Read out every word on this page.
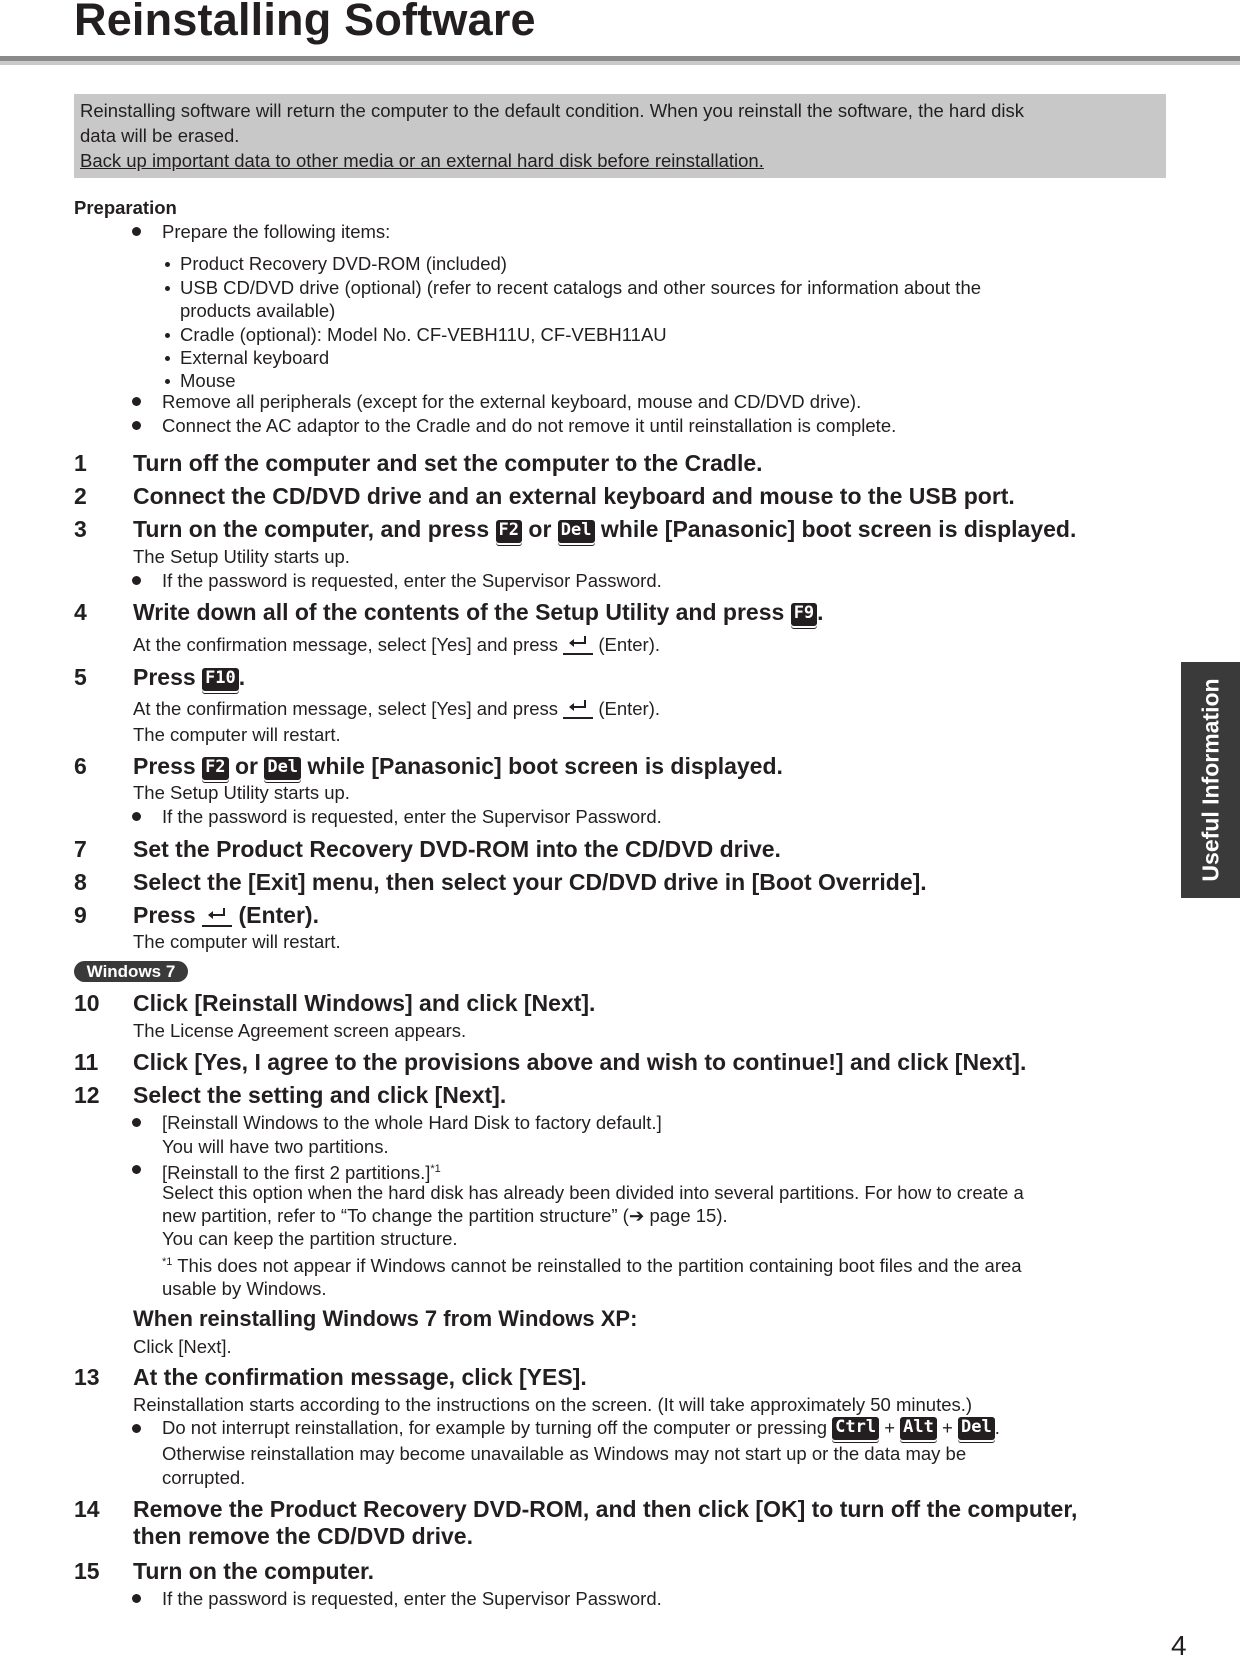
Reinstalling Software
Reinstalling software will return the computer to the default condition. When you reinstall the software, the hard disk
data will be erased.
Back up important data to other media or an external hard disk before reinstallation.
Preparation
Prepare the following items:
Product Recovery DVD-ROM (included)
USB CD/DVD drive (optional) (refer to recent catalogs and other sources for information about the
products available)
Cradle (optional): Model No. CF-VEBH11U, CF-VEBH11AU
External keyboard
Mouse
Remove all peripherals (except for the external keyboard, mouse and CD/DVD drive).
Connect the AC adaptor to the Cradle and do not remove it until reinstallation is complete.
1 Turn off the computer and set the computer to the Cradle.
2 Connect the CD/DVD drive and an external keyboard and mouse to the USB port.
3 Turn on the computer, and press F2 or Del while [Panasonic] boot screen is displayed.
The Setup Utility starts up.
If the password is requested, enter the Supervisor Password.
4 Write down all of the contents of the Setup Utility and press F9 .
At the confirmation message, select [Yes] and press (Enter).
5 Press F10 .
At the confirmation message, select [Yes] and press (Enter).
The computer will restart.
6 Press F2 or Del while [Panasonic] boot screen is displayed.
The Setup Utility starts up.
If the password is requested, enter the Supervisor Password.
7 Set the Product Recovery DVD-ROM into the CD/DVD drive.
8 Select the [Exit] menu, then select your CD/DVD drive in [Boot Override].
9 Press (Enter).
The computer will restart.
Windows 7
10 Click [Reinstall Windows] and click [Next].
The License Agreement screen appears.
11 Click [Yes, I agree to the provisions above and wish to continue!] and click [Next].
12 Select the setting and click [Next].
[Reinstall Windows to the whole Hard Disk to factory default.]
You will have two partitions.
[Reinstall to the first 2 partitions.]$^{*1}$
Select this option when the hard disk has already been divided into several partitions. For how to create a
new partition, refer to “To change the partition structure” (➔ page 15).
You can keep the partition structure.
$^{*1}$ This does not appear if Windows cannot be reinstalled to the partition containing boot files and the area
usable by Windows.
When reinstalling Windows 7 from Windows XP:
Click [Next].
13 At the confirmation message, click [YES].
Reinstallation starts according to the instructions on the screen. (It will take approximately 50 minutes.)
Do not interrupt reinstallation, for example by turning off the computer or pressing Ctrl + Alt + Del .
Otherwise reinstallation may become unavailable as Windows may not start up or the data may be
corrupted.
14 Remove the Product Recovery DVD-ROM, and then click [OK] to turn off the computer,
then remove the CD/DVD drive.
15 Turn on the computer.
If the password is requested, enter the Supervisor Password.
Useful Information
4
